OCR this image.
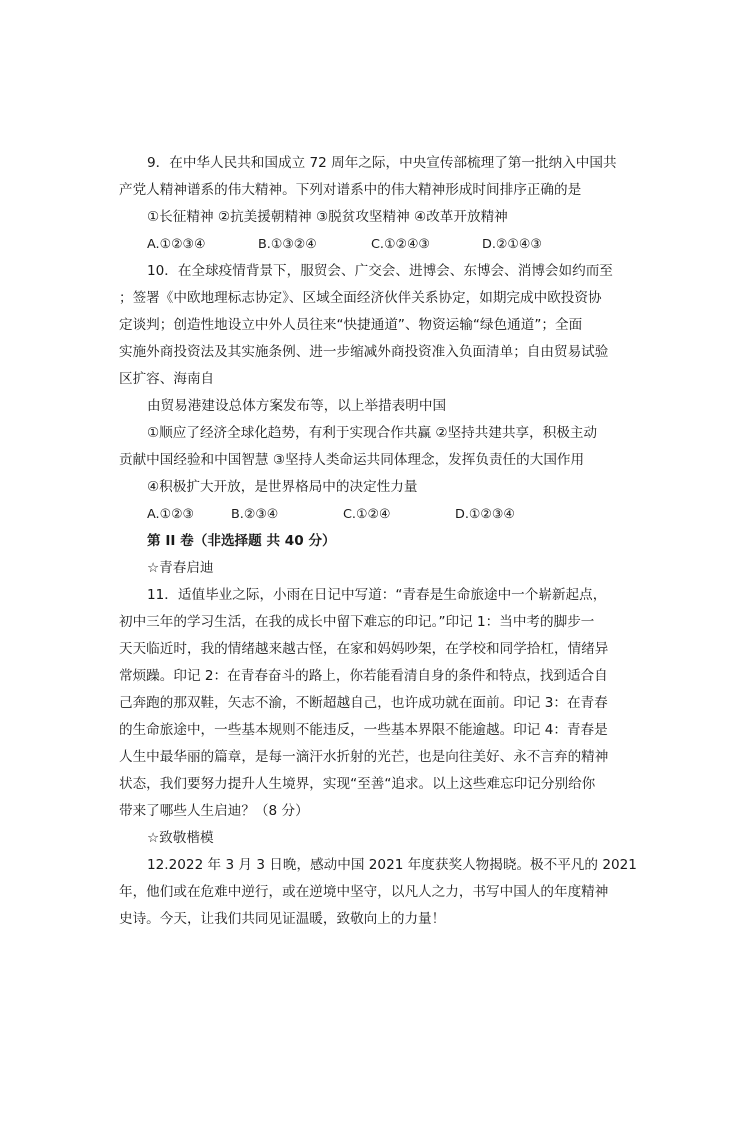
9．在中华人民共和国成立 72 周年之际，中央宣传部梳理了第一批纳入中国共

产党人精神谱系的伟大精神。下列对谱系中的伟大精神形成时间排序正确的是

①长征精神 ②抗美援朝精神 ③脱贫攻坚精神 ④改革开放精神

A.①②③④	B.①③②④	C.①②④③	D.②①④③

10．在全球疫情背景下，服贸会、广交会、进博会、东博会、消博会如约而至

；签署《中欧地理标志协定》、区域全面经济伙伴关系协定，如期完成中欧投资协

定谈判；创造性地设立中外人员往来“快捷通道”、物资运输“绿色通道”；全面

实施外商投资法及其实施条例、进一步缩减外商投资准入负面清单；自由贸易试验

区扩容、海南自

由贸易港建设总体方案发布等，以上举措表明中国

①顺应了经济全球化趋势，有利于实现合作共赢 ②坚持共建共享，积极主动

贡献中国经验和中国智慧 ③坚持人类命运共同体理念，发挥负责任的大国作用

④积极扩大开放，是世界格局中的决定性力量

A.①②③	B.②③④	C.①②④	D.①②③④

第 II 卷（非选择题 共 40 分）

☆青春启迪

11．适值毕业之际，小雨在日记中写道：“青春是生命旅途中一个崭新起点，

初中三年的学习生活，在我的成长中留下难忘的印记。”印记 1：当中考的脚步一

天天临近时，我的情绪越来越古怪，在家和妈妈吵架，在学校和同学拾杠，情绪异

常烦躁。印记 2：在青春奋斗的路上，你若能看清自身的条件和特点，找到适合自

己奔跑的那双鞋，矢志不渝，不断超越自己，也许成功就在面前。印记 3：在青春

的生命旅途中，一些基本规则不能违反，一些基本界限不能逾越。印记 4：青春是

人生中最华丽的篇章，是每一滴汗水折射的光芒，也是向往美好、永不言弃的精神

状态，我们要努力提升人生境界，实现“至善“追求。以上这些难忘印记分别给你

带来了哪些人生启迪？（8 分）

☆致敬楷模

12.2022 年 3 月 3 日晚，感动中国 2021 年度获奖人物揭晓。极不平凡的 2021

年，他们或在危难中逆行，或在逆境中坚守，以凡人之力，书写中国人的年度精神

史诗。今天，让我们共同见证温暖，致敬向上的力量！
